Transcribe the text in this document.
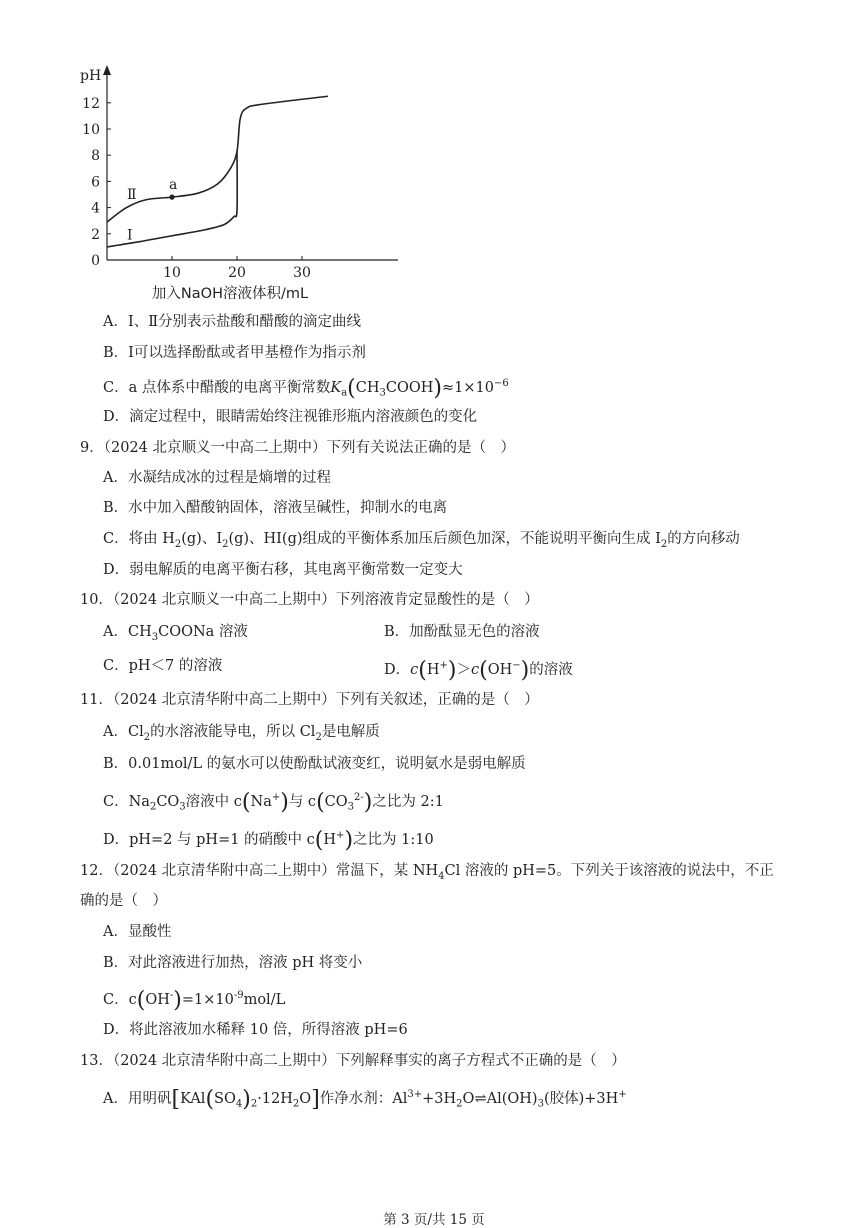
0
2
4
6
8
10
12
10	20	30
pH
加入NaOH溶液体积/mL
Ⅱ
Ⅰ
a
A．Ⅰ、Ⅱ分别表示盐酸和醋酸的滴定曲线
B．Ⅰ可以选择酚酞或者甲基橙作为指示剂
C．a 点体系中醋酸的电离平衡常数$K_a(CH_3COOH)\approx 1\times 10^{-6}$
D．滴定过程中，眼睛需始终注视锥形瓶内溶液颜色的变化
9．（2024 北京顺义一中高二上期中）下列有关说法正确的是（　）
A．水凝结成冰的过程是熵增的过程
B．水中加入醋酸钠固体，溶液呈碱性，抑制水的电离
C．将由 $H_2(g)$、$I_2(g)$、HI(g)组成的平衡体系加压后颜色加深，不能说明平衡向生成 $I_2$的方向移动
D．弱电解质的电离平衡右移，其电离平衡常数一定变大
10．（2024 北京顺义一中高二上期中）下列溶液肯定显酸性的是（　）
A．$CH_3COONa$ 溶液	B．加酚酞显无色的溶液
C．pH＜7 的溶液	D．c(H+)＞c(OH−)的溶液
11．（2024 北京清华附中高二上期中）下列有关叙述，正确的是（　）
A．$Cl_2$的水溶液能导电，所以 $Cl_2$是电解质
B．0.01mol/L 的氨水可以使酚酞试液变红，说明氨水是弱电解质
C．$Na_2CO_3$溶液中 c(Na+)与 $c(CO_3^{2-})$之比为 2:1
D．pH=2 与 pH=1 的硝酸中 c(H+)之比为 1:10
12．（2024 北京清华附中高二上期中）常温下，某 $NH_4Cl$ 溶液的 pH=5。下列关于该溶液的说法中，不正
确的是（　）
A．显酸性
B．对此溶液进行加热，溶液 pH 将变小
C．$c(OH^-)=1\times 10^{-9}mol/L$
D．将此溶液加水稀释 10 倍，所得溶液 pH=6
13．（2024 北京清华附中高二上期中）下列解释事实的离子方程式不正确的是（　）
A．用明矾$[KAl(SO_4)_2\cdot 12H_2O]$作净水剂：$Al^{3+}+3H_2O\rightleftharpoons Al(OH)_3$(胶体)+3H+
第 3 页/共 15 页
